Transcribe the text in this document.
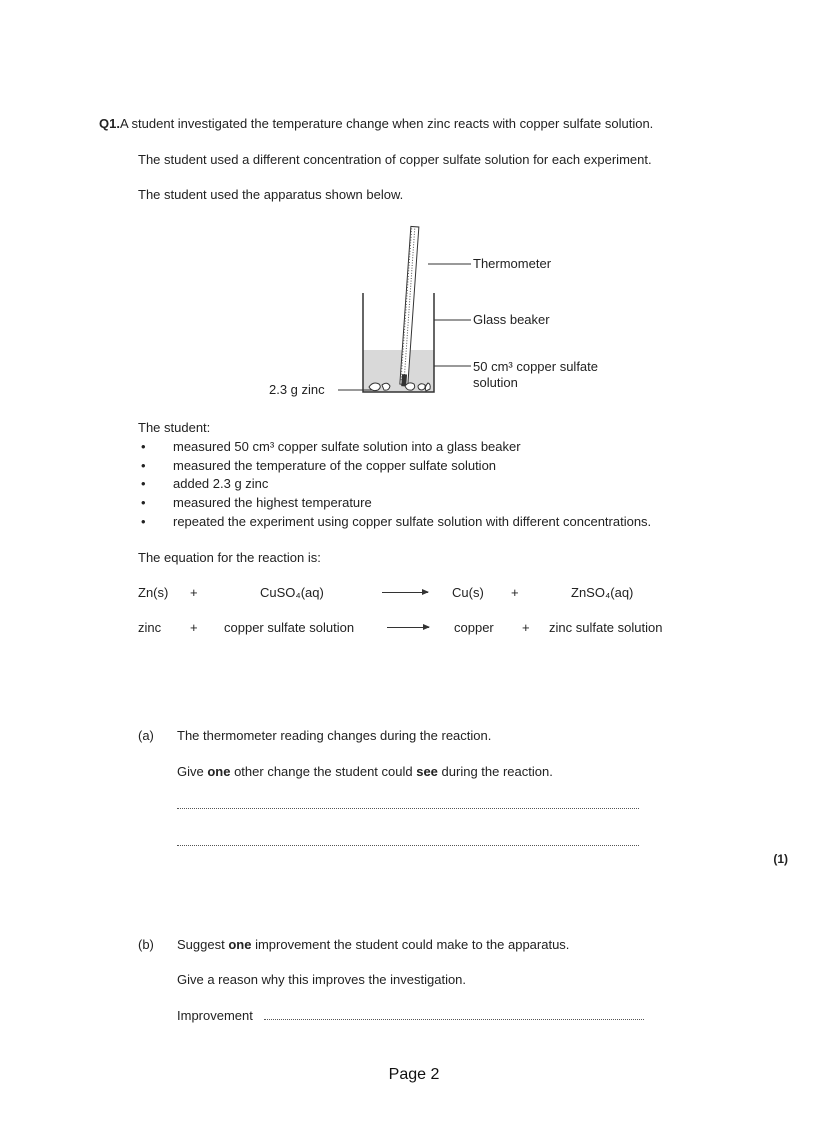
Q1.A student investigated the temperature change when zinc reacts with copper sulfate solution.
The student used a different concentration of copper sulfate solution for each experiment.
The student used the apparatus shown below.
Thermometer
Glass beaker
50 cm³ copper sulfate
solution
2.3 g zinc
The student:
• measured 50 cm³ copper sulfate solution into a glass beaker
• measured the temperature of the copper sulfate solution
• added 2.3 g zinc
• measured the highest temperature
• repeated the experiment using copper sulfate solution with different concentrations.
The equation for the reaction is:
Zn(s) +	CuSO₄(aq)	Cu(s) +	ZnSO₄(aq)
zinc + copper sulfate solution	copper + zinc sulfate solution
(a) The thermometer reading changes during the reaction.
Give one other change the student could see during the reaction.
(1)
(b) Suggest one improvement the student could make to the apparatus.
Give a reason why this improves the investigation.
Improvement
Page 2
